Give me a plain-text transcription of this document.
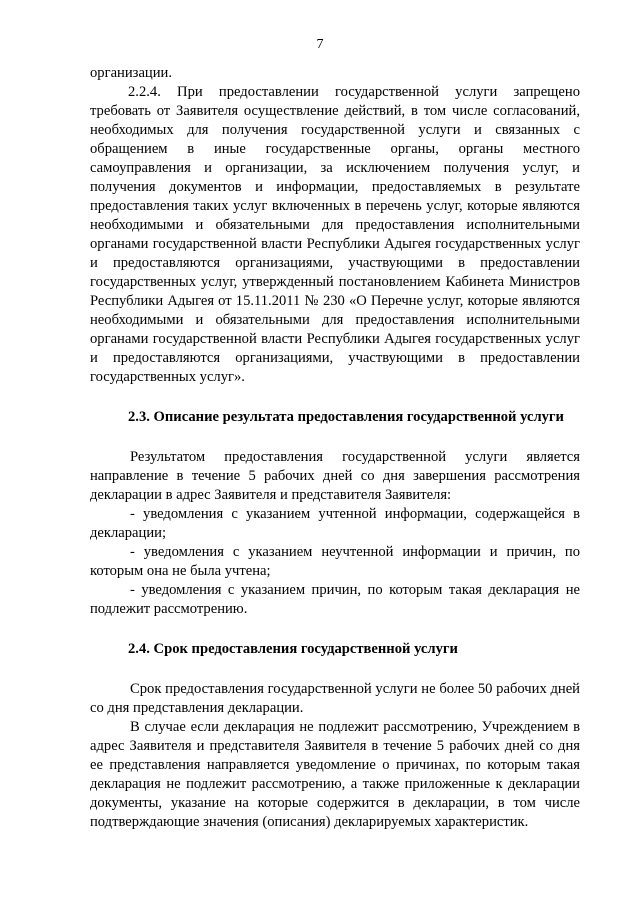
7

организации.

2.2.4. При предоставлении государственной услуги запрещено требовать от Заявителя осуществление действий, в том числе согласований, необходимых для получения государственной услуги и связанных с обращением в иные государственные органы, органы местного самоуправления и организации, за исключением получения услуг, и получения документов и информации, предоставляемых в результате предоставления таких услуг включенных в перечень услуг, которые являются необходимыми и обязательными для предоставления исполнительными органами государственной власти Республики Адыгея государственных услуг и предоставляются организациями, участвующими в предоставлении государственных услуг, утвержденный постановлением Кабинета Министров Республики Адыгея от 15.11.2011 № 230 «О Перечне услуг, которые являются необходимыми и обязательными для предоставления исполнительными органами государственной власти Республики Адыгея государственных услуг и предоставляются организациями, участвующими в предоставлении государственных услуг».

2.3. Описание результата предоставления государственной услуги

Результатом предоставления государственной услуги является направление в течение 5 рабочих дней со дня завершения рассмотрения декларации в адрес Заявителя и представителя Заявителя:

- уведомления с указанием учтенной информации, содержащейся в декларации;

- уведомления с указанием неучтенной информации и причин, по которым она не была учтена;

- уведомления с указанием причин, по которым такая декларация не подлежит рассмотрению.

2.4. Срок предоставления государственной услуги

Срок предоставления государственной услуги не более 50 рабочих дней со дня представления декларации.

В случае если декларация не подлежит рассмотрению, Учреждением в адрес Заявителя и представителя Заявителя в течение 5 рабочих дней со дня ее представления направляется уведомление о причинах, по которым такая декларация не подлежит рассмотрению, а также приложенные к декларации документы, указание на которые содержится в декларации, в том числе подтверждающие значения (описания) декларируемых характеристик.
